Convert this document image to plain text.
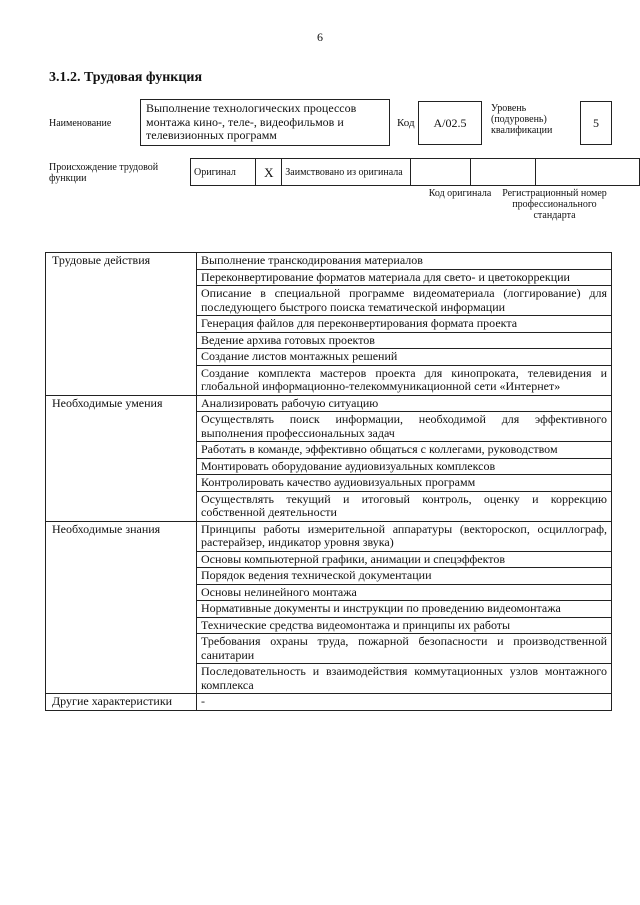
6
3.1.2. Трудовая функция
Наименование
Выполнение технологических процессов монтажа кино-, теле-, видеофильмов и телевизионных программ
Код	A/02.5
Уровень (подуровень) квалификации
5
Происхождение трудовой функции
Оригинал	X	Заимствовано из оригинала			
Код оригинала	Регистрационный номер профессионального стандарта
Трудовые действия	Выполнение транскодирования материалов
	Переконвертирование форматов материала для свето- и цветокоррекции
	Описание в специальной программе видеоматериала (логгирование) для последующего быстрого поиска тематической информации
	Генерация файлов для переконвертирования формата проекта
	Ведение архива готовых проектов
	Создание листов монтажных решений
	Создание комплекта мастеров проекта для кинопроката, телевидения и глобальной информационно-телекоммуникационной сети «Интернет»
Необходимые умения	Анализировать рабочую ситуацию
	Осуществлять поиск информации, необходимой для эффективного выполнения профессиональных задач
	Работать в команде, эффективно общаться с коллегами, руководством
	Монтировать оборудование аудиовизуальных комплексов
	Контролировать качество аудиовизуальных программ
	Осуществлять текущий и итоговый контроль, оценку и коррекцию собственной деятельности
Необходимые знания	Принципы работы измерительной аппаратуры (вектороскоп, осциллограф, растерайзер, индикатор уровня звука)
	Основы компьютерной графики, анимации и спецэффектов
	Порядок ведения технической документации
	Основы нелинейного монтажа
	Нормативные документы и инструкции по проведению видеомонтажа
	Технические средства видеомонтажа и принципы их работы
	Требования охраны труда, пожарной безопасности и производственной санитарии
	Последовательность и взаимодействия коммутационных узлов монтажного комплекса
Другие характеристики	-
